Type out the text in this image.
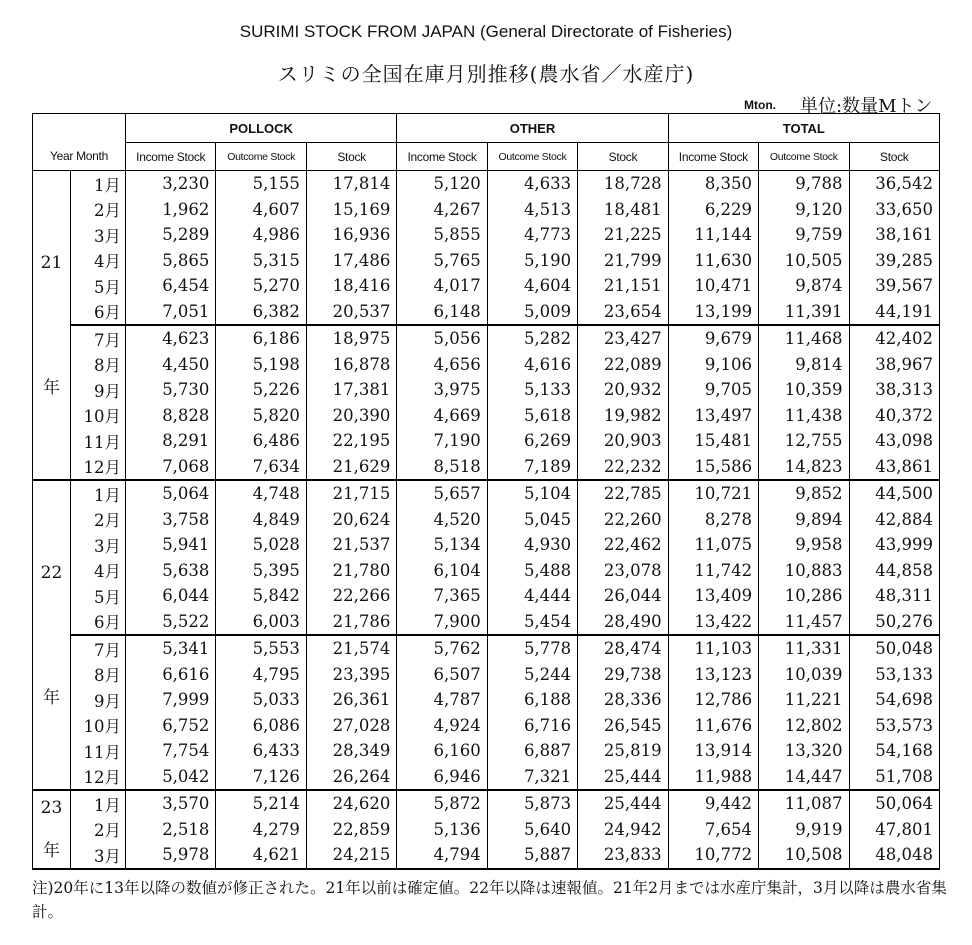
SURIMI STOCK FROM JAPAN (General Directorate of Fisheries)
スリミの全国在庫月別推移(農水省／水産庁)
Mton. 単位:数量Mトン
		POLLOCK			OTHER			TOTAL		
Year Month		Income Stock	Outcome Stock	Stock	Income Stock	Outcome Stock	Stock	Income Stock	Outcome Stock	Stock

21
年	1月	3,230	5,155	17,814	5,120	4,633	18,728	8,350	9,788	36,542
	2月	1,962	4,607	15,169	4,267	4,513	18,481	6,229	9,120	33,650
	3月	5,289	4,986	16,936	5,855	4,773	21,225	11,144	9,759	38,161
	4月	5,865	5,315	17,486	5,765	5,190	21,799	11,630	10,505	39,285
	5月	6,454	5,270	18,416	4,017	4,604	21,151	10,471	9,874	39,567
	6月	7,051	6,382	20,537	6,148	5,009	23,654	13,199	11,391	44,191
	7月	4,623	6,186	18,975	5,056	5,282	23,427	9,679	11,468	42,402
	8月	4,450	5,198	16,878	4,656	4,616	22,089	9,106	9,814	38,967
	9月	5,730	5,226	17,381	3,975	5,133	20,932	9,705	10,359	38,313
	10月	8,828	5,820	20,390	4,669	5,618	19,982	13,497	11,438	40,372
	11月	8,291	6,486	22,195	7,190	6,269	20,903	15,481	12,755	43,098
	12月	7,068	7,634	21,629	8,518	7,189	22,232	15,586	14,823	43,861

22
年	1月	5,064	4,748	21,715	5,657	5,104	22,785	10,721	9,852	44,500
	2月	3,758	4,849	20,624	4,520	5,045	22,260	8,278	9,894	42,884
	3月	5,941	5,028	21,537	5,134	4,930	22,462	11,075	9,958	43,999
	4月	5,638	5,395	21,780	6,104	5,488	23,078	11,742	10,883	44,858
	5月	6,044	5,842	22,266	7,365	4,444	26,044	13,409	10,286	48,311
	6月	5,522	6,003	21,786	7,900	5,454	28,490	13,422	11,457	50,276
	7月	5,341	5,553	21,574	5,762	5,778	28,474	11,103	11,331	50,048
	8月	6,616	4,795	23,395	6,507	5,244	29,738	13,123	10,039	53,133
	9月	7,999	5,033	26,361	4,787	6,188	28,336	12,786	11,221	54,698
	10月	6,752	6,086	27,028	4,924	6,716	26,545	11,676	12,802	53,573
	11月	7,754	6,433	28,349	6,160	6,887	25,819	13,914	13,320	54,168
	12月	5,042	7,126	26,264	6,946	7,321	25,444	11,988	14,447	51,708

23
年	1月	3,570	5,214	24,620	5,872	5,873	25,444	9,442	11,087	50,064
	2月	2,518	4,279	22,859	5,136	5,640	24,942	7,654	9,919	47,801
	3月	5,978	4,621	24,215	4,794	5,887	23,833	10,772	10,508	48,048
注)20年に13年以降の数値が修正された。21年以前は確定値。22年以降は速報値。21年2月までは水産庁集計，3月以降は農水省集計。
